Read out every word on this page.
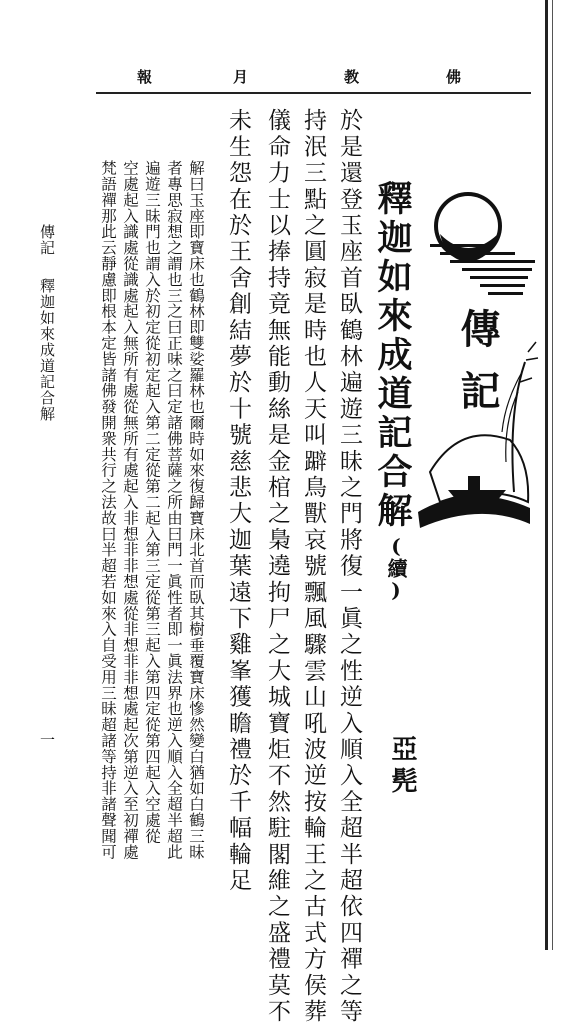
佛
教
月
報
傳
記
釋迦如來成道記合解
(續)
亞髡
於是還登玉座首臥鶴林遍遊三昧之門將復一眞之性逆入順入全超半超依四禪之等
持泯三點之圓寂是時也人天叫躃鳥獸哀號飄風驟雲山吼波逆按輪王之古式方侯葬
儀命力士以捧持竟無能動絲是金棺之梟遶拘尸之大城寶炬不然駐閣維之盛禮莫不
未生怨在於王舍創結夢於十號慈悲大迦葉遠下雞峯獲瞻禮於千幅輪足
解曰玉座即寶床也鶴林即雙娑羅林也爾時如來復歸寶床北首而臥其樹垂覆寶床慘然變白猶如白鶴三昧
者專思寂想之謂也三之曰正味之曰定諸佛菩薩之所由曰門一眞性者即一眞法界也逆入順入全超半超此
遍遊三昧門也謂入於初定從初定起入第二定從第二起入第三定從第三起入第四定從第四起入空處從
空處起入識處從識處起入無所有處從無所有處起入非想非非想處從非想非非想處起次第逆入至初禪處
梵語禪那此云靜慮即根本定皆諸佛發開衆共行之法故曰半超若如來入自受用三昧超諸等持非諸聲聞可
傳記
釋迦如來成道記合解
一
